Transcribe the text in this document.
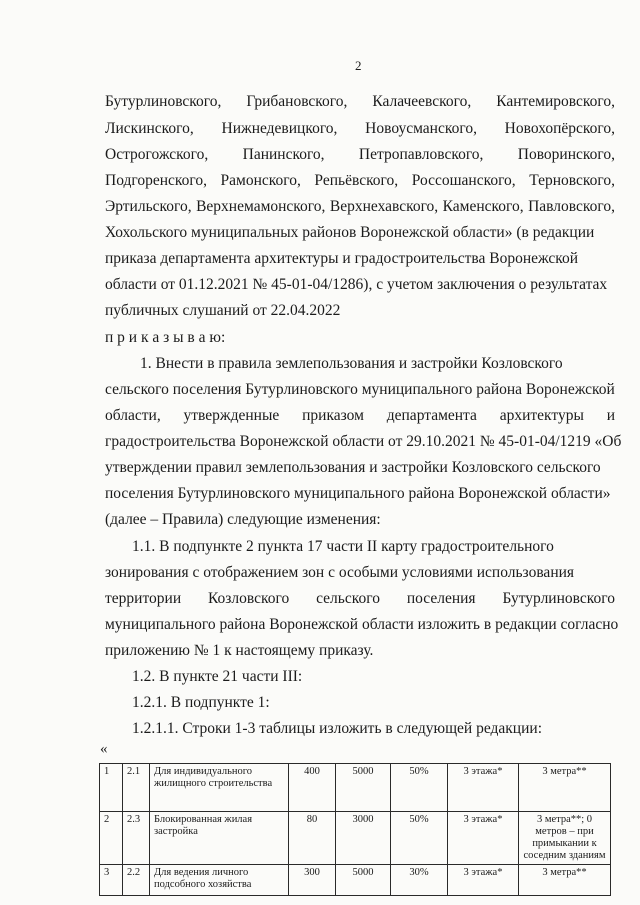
2
Бутурлиновского, Грибановского, Калачеевского, Кантемировского,
Лискинского, Нижнедевицкого, Новоусманского, Новохопёрского,
Острогожского, Панинского, Петропавловского, Поворинского,
Подгоренского, Рамонского, Репьёвского, Россошанского, Терновского,
Эртильского, Верхнемамонского, Верхнехавского, Каменского, Павловского,
Хохольского муниципальных районов Воронежской области» (в редакции
приказа департамента архитектуры и градостроительства Воронежской
области от 01.12.2021 № 45-01-04/1286), с учетом заключения о результатах
публичных слушаний от 22.04.2022
п р и к а з ы в а ю:
1. Внести в правила землепользования и застройки Козловского
сельского поселения Бутурлиновского муниципального района Воронежской
области, утвержденные приказом департамента архитектуры и
градостроительства Воронежской области от 29.10.2021 № 45-01-04/1219 «Об
утверждении правил землепользования и застройки Козловского сельского
поселения Бутурлиновского муниципального района Воронежской области»
(далее – Правила) следующие изменения:
1.1. В подпункте 2 пункта 17 части II карту градостроительного
зонирования с отображением зон с особыми условиями использования
территории Козловского сельского поселения Бутурлиновского
муниципального района Воронежской области изложить в редакции согласно
приложению № 1 к настоящему приказу.
1.2. В пункте 21 части III:
1.2.1. В подпункте 1:
1.2.1.1. Строки 1-3 таблицы изложить в следующей редакции:
«
1	2.1	Для индивидуального жилищного строительства	400	5000	50%	3 этажа*	3 метра**
2	2.3	Блокированная жилая застройка	80	3000	50%	3 этажа*	3 метра**; 0 метров – при примыкании к соседним зданиям
3	2.2	Для ведения личного подсобного хозяйства	300	5000	30%	3 этажа*	3 метра**
